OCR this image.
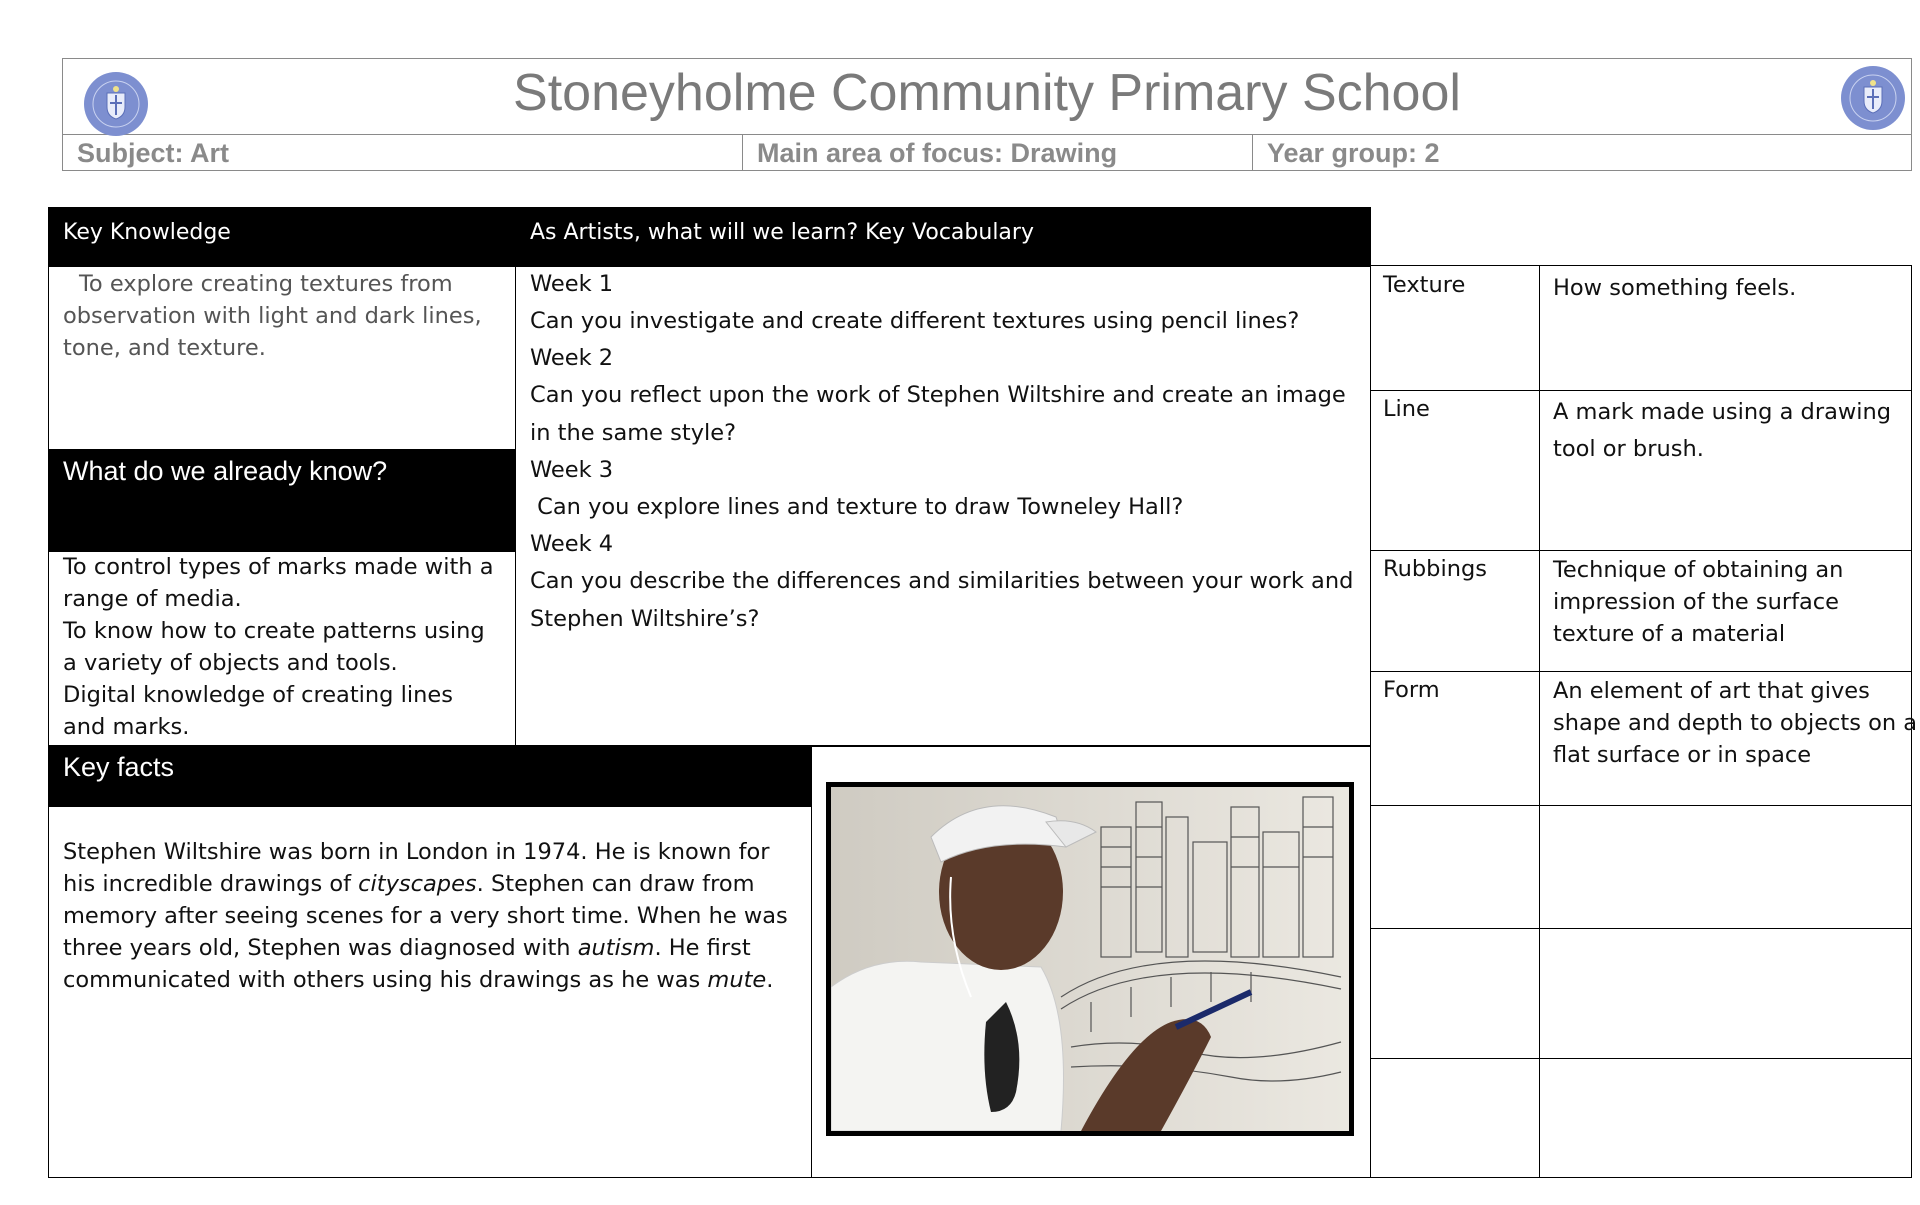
Stoneyholme Community Primary School
Subject: Art	Main area of focus: Drawing	Year group: 2
Key Knowledge
To explore creating textures from observation with light and dark lines, tone, and texture.
What do we already know?
To control types of marks made with a range of media.
To know how to create patterns using a variety of objects and tools.
Digital knowledge of creating lines and marks.
As Artists, what will we learn? Key Vocabulary
Week 1
Can you investigate and create different textures using pencil lines?
Week 2
Can you reflect upon the work of Stephen Wiltshire and create an image in the same style?
Week 3
Can you explore lines and texture to draw Towneley Hall?
Week 4
Can you describe the differences and similarities between your work and Stephen Wiltshire’s?
Key facts
Stephen Wiltshire was born in London in 1974. He is known for his incredible drawings of cityscapes. Stephen can draw from memory after seeing scenes for a very short time. When he was three years old, Stephen was diagnosed with autism. He first communicated with others using his drawings as he was mute.
Texture	How something feels.
Line	A mark made using a drawing tool or brush.
Rubbings	Technique of obtaining an impression of the surface texture of a material
Form	An element of art that gives shape and depth to objects on a flat surface or in space
